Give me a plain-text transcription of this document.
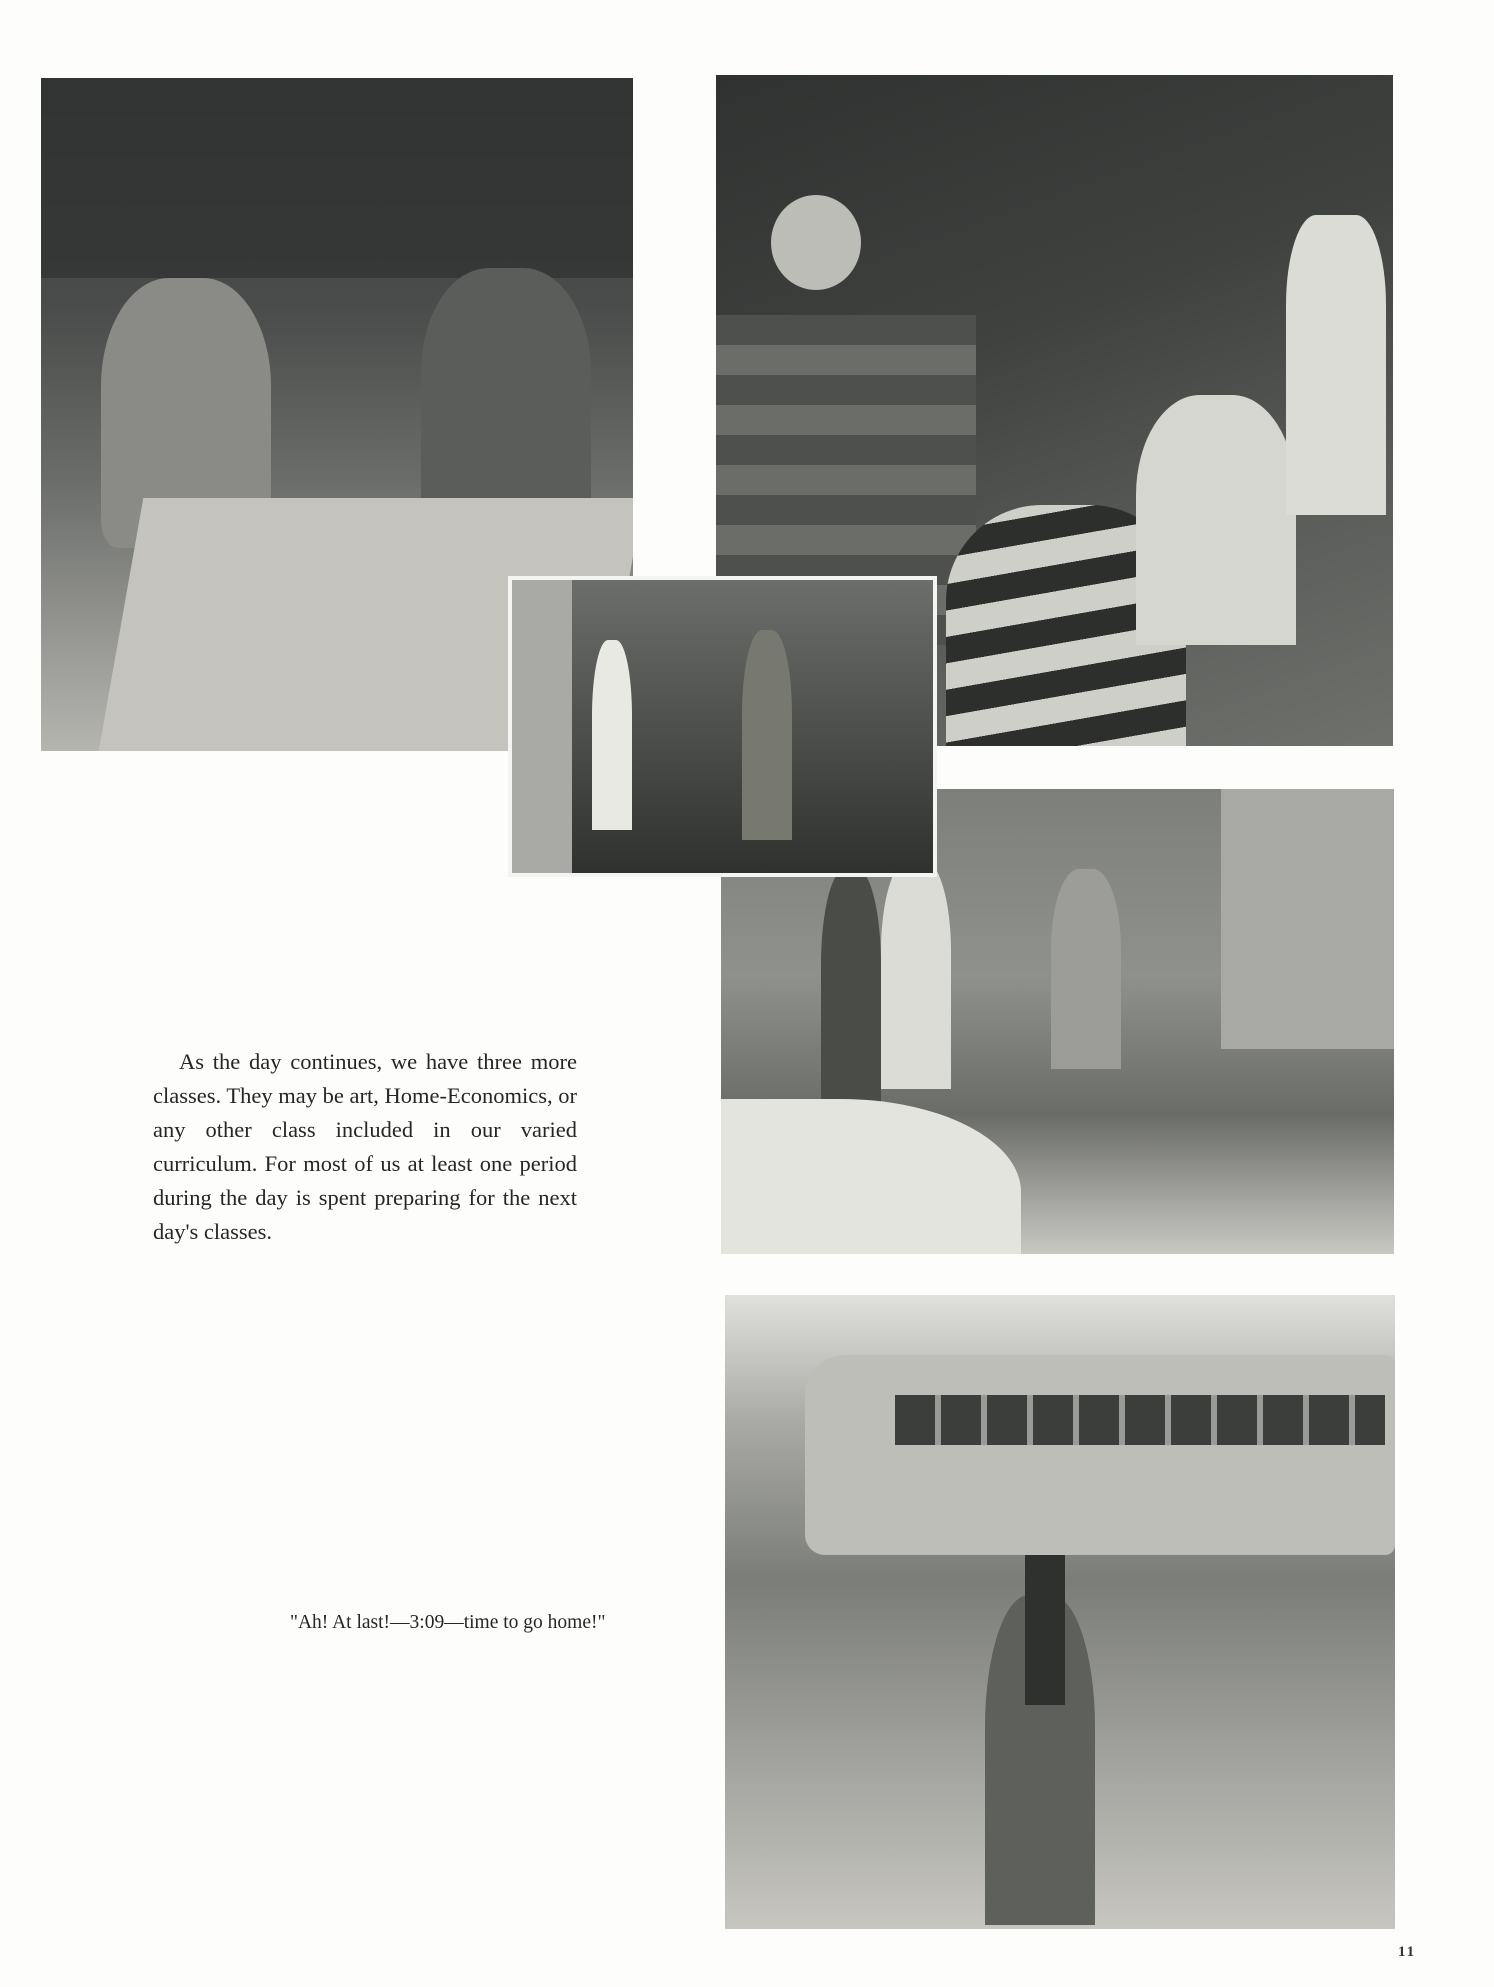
As the day continues, we have three more classes. They may be art, Home-Economics, or any other class included in our varied curriculum. For most of us at least one period during the day is spent preparing for the next day's classes.

"Ah! At last!—3:09—time to go home!"
11
